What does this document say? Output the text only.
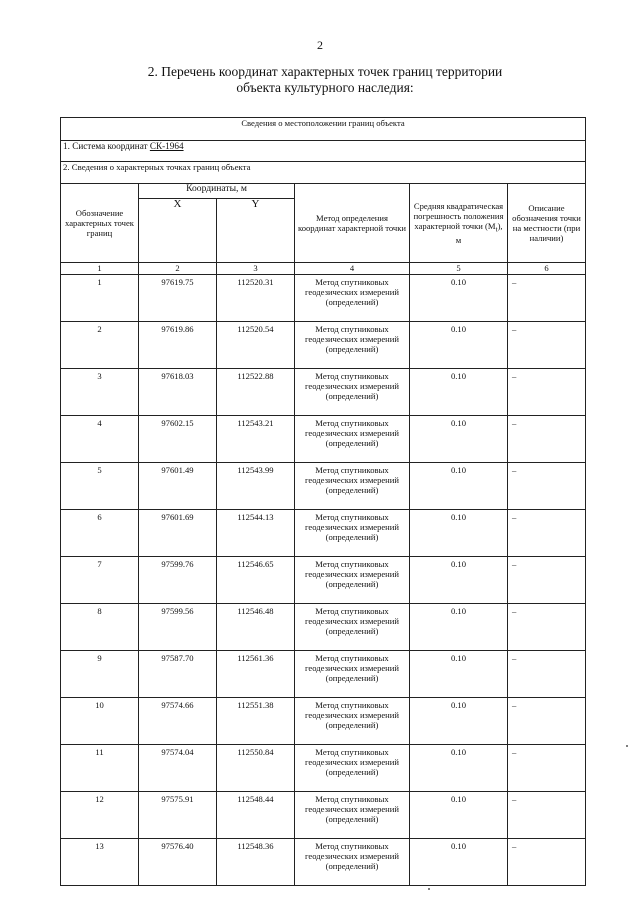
2
2. Перечень координат характерных точек границ территории
объекта культурного наследия:
Сведения о местоположении границ объекта					
1. Система координат СК-1964					
2. Сведения о характерных точках границ объекта					
Обозначение характерных точек границ	Координаты, м		Метод определения координат характерной точки	Средняя квадратическая погрешность положения характерной точки $(M_t)$, м	Описание обозначения точки на местности (при наличии)
	X	Y			
1	2	3	4	5	6
1	97619.75	112520.31	Метод спутниковых геодезических измерений (определений)	0.10	–
2	97619.86	112520.54	Метод спутниковых геодезических измерений (определений)	0.10	–
3	97618.03	112522.88	Метод спутниковых геодезических измерений (определений)	0.10	–
4	97602.15	112543.21	Метод спутниковых геодезических измерений (определений)	0.10	–
5	97601.49	112543.99	Метод спутниковых геодезических измерений (определений)	0.10	–
6	97601.69	112544.13	Метод спутниковых геодезических измерений (определений)	0.10	–
7	97599.76	112546.65	Метод спутниковых геодезических измерений (определений)	0.10	–
8	97599.56	112546.48	Метод спутниковых геодезических измерений (определений)	0.10	–
9	97587.70	112561.36	Метод спутниковых геодезических измерений (определений)	0.10	–
10	97574.66	112551.38	Метод спутниковых геодезических измерений (определений)	0.10	–
11	97574.04	112550.84	Метод спутниковых геодезических измерений (определений)	0.10	–
12	97575.91	112548.44	Метод спутниковых геодезических измерений (определений)	0.10	–
13	97576.40	112548.36	Метод спутниковых геодезических измерений (определений)	0.10	–
